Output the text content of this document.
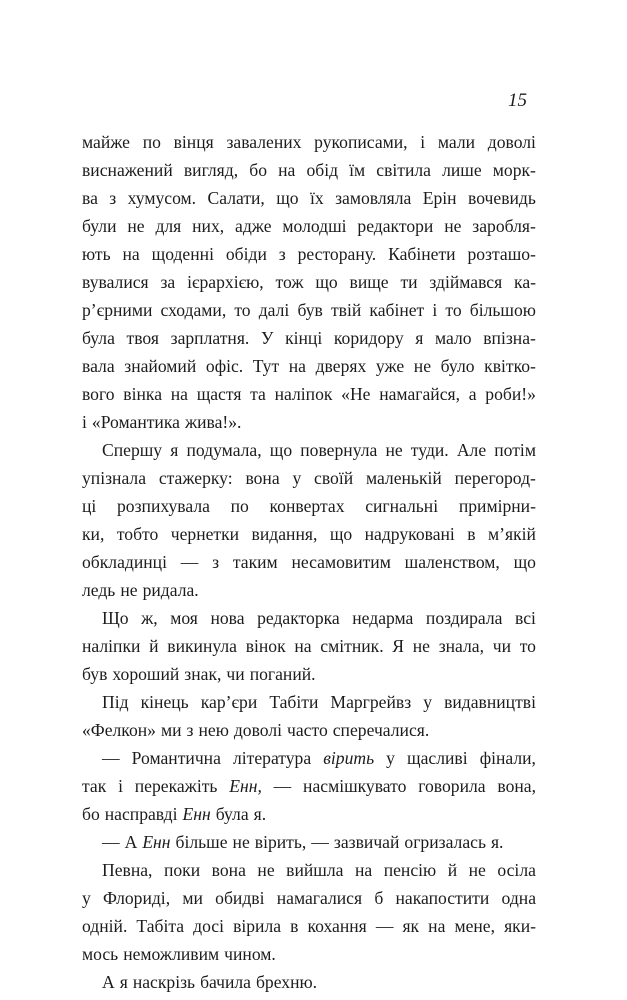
15
майже по вінця завалених рукописами, і мали доволі
виснажений вигляд, бо на обід їм світила лише морк-
ва з хумусом. Салати, що їх замовляла Ерін вочевидь
були не для них, адже молодші редактори не заробля-
ють на щоденні обіди з ресторану. Кабінети розташо-
вувалися за ієрархією, тож що вище ти здіймався ка-
р’єрними сходами, то далі був твій кабінет і то більшою
була твоя зарплатня. У кінці коридору я мало впізна-
вала знайомий офіс. Тут на дверях уже не було квітко-
вого вінка на щастя та наліпок «Не намагайся, а роби!»
і «Романтика жива!».
Спершу я подумала, що повернула не туди. Але потім
упізнала стажерку: вона у своїй маленькій перегород-
ці розпихувала по конвертах сигнальні примірни-
ки, тобто чернетки видання, що надруковані в м’якій
обкладинці — з таким несамовитим шаленством, що
ледь не ридала.
Що ж, моя нова редакторка недарма поздирала всі
наліпки й викинула вінок на смітник. Я не знала, чи то
був хороший знак, чи поганий.
Під кінець кар’єри Табіти Маргрейвз у видавництві
«Фелкон» ми з нею доволі часто сперечалися.
— Романтична література вірить у щасливі фінали,
так і перекажіть Енн, — насмішкувато говорила вона,
бо насправді Енн була я.
— А Енн більше не вірить, — зазвичай огризалась я.
Певна, поки вона не вийшла на пенсію й не осіла
у Флориді, ми обидві намагалися б накапостити одна
одній. Табіта досі вірила в кохання — як на мене, яки-
мось неможливим чином.
А я наскрізь бачила брехню.
